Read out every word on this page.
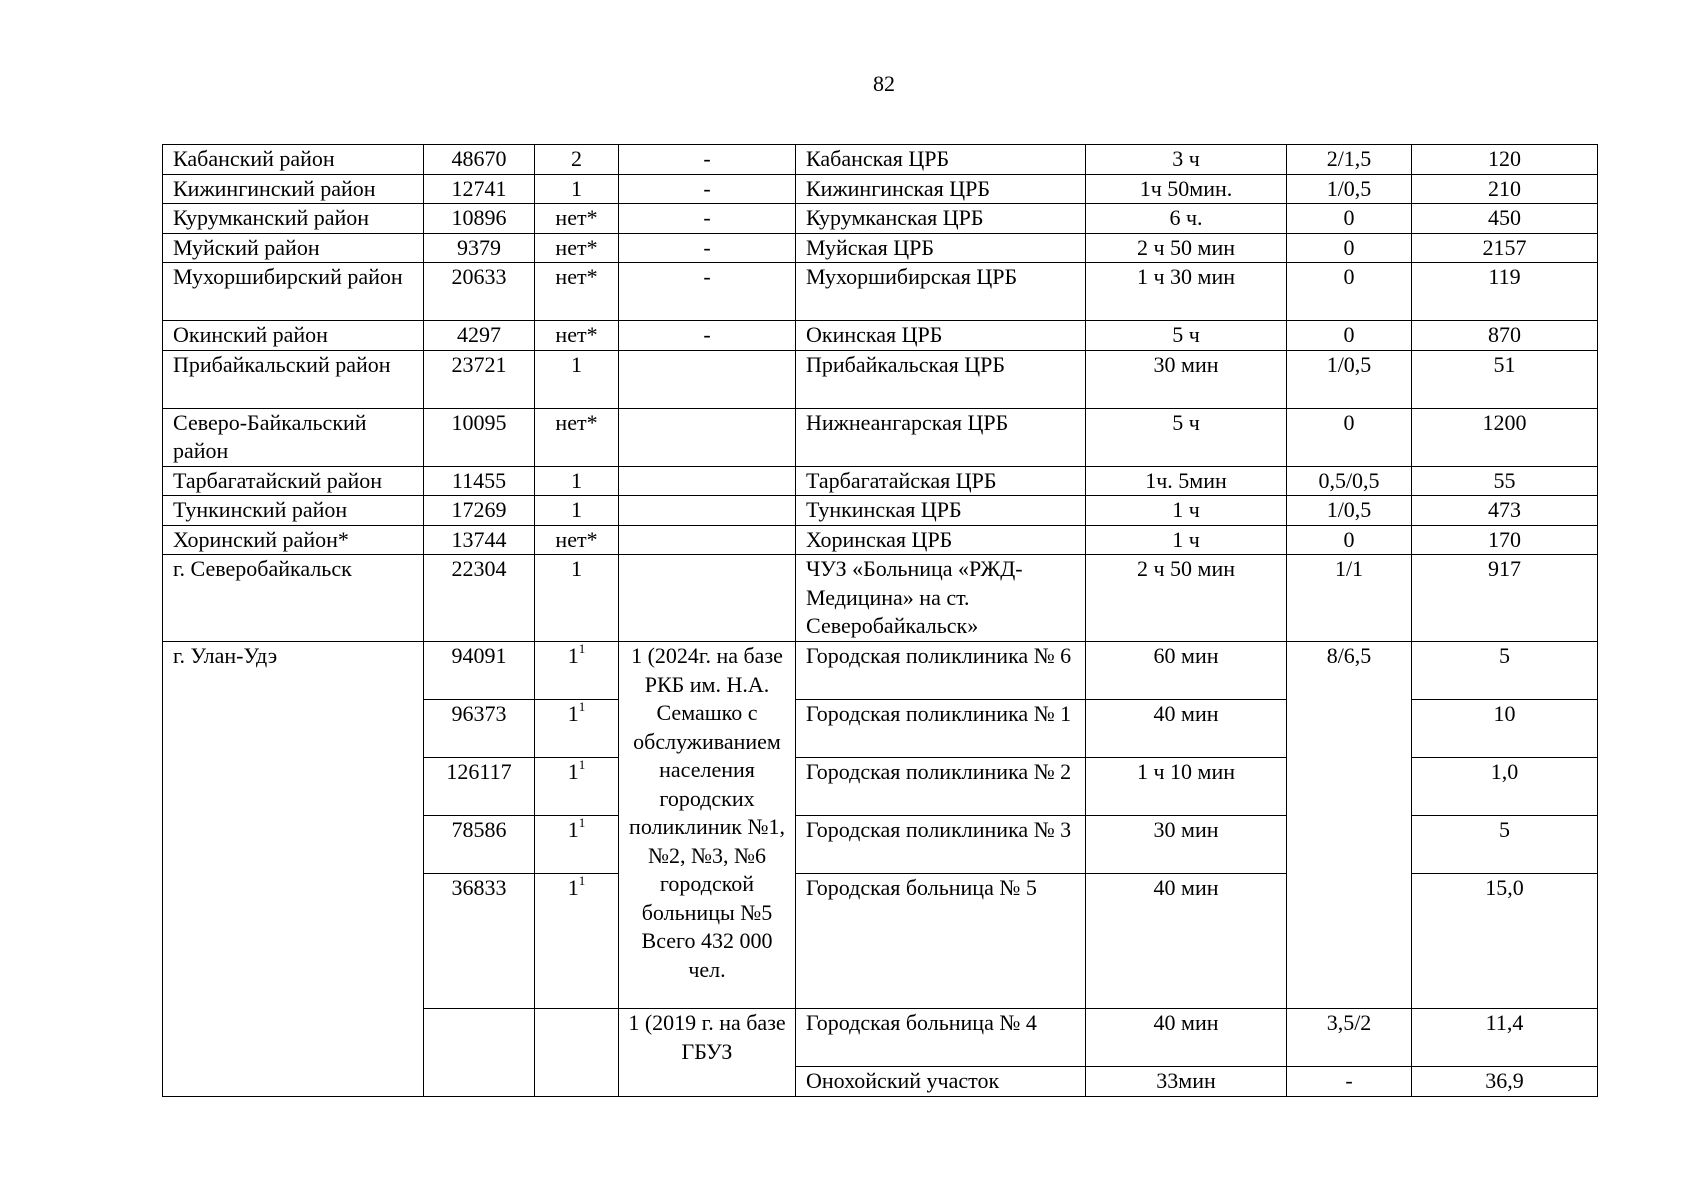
82
Кабанский район	48670	2	-	Кабанская ЦРБ	3 ч	2/1,5	120
Кижингинский район	12741	1	-	Кижингинская ЦРБ	1ч 50мин.	1/0,5	210
Курумканский район	10896	нет*	-	Курумканская ЦРБ	6 ч.	0	450
Муйский район	9379	нет*	-	Муйская ЦРБ	2 ч 50 мин	0	2157
Мухоршибирский район	20633	нет*	-	Мухоршибирская ЦРБ	1 ч 30 мин	0	119
Окинский район	4297	нет*	-	Окинская ЦРБ	5 ч	0	870
Прибайкальский район	23721	1		Прибайкальская ЦРБ	30 мин	1/0,5	51
Северо-Байкальский район	10095	нет*		Нижнеангарская ЦРБ	5 ч	0	1200
Тарбагатайский район	11455	1		Тарбагатайская ЦРБ	1ч. 5мин	0,5/0,5	55
Тункинский район	17269	1		Тункинская ЦРБ	1 ч	1/0,5	473
Хоринский район*	13744	нет*		Хоринская ЦРБ	1 ч	0	170
г. Северобайкальск	22304	1		ЧУЗ «Больница «РЖД-Медицина» на ст. Северобайкальск»	2 ч 50 мин	1/1	917
г. Улан-Удэ	94091	$1^1$	1 (2024г. на базе РКБ им. Н.А. Семашко с обслуживанием населения городских поликлиник №1, №2, №3, №6 городской больницы №5 Всего 432 000 чел.	Городская поликлиника № 6	60 мин	8/6,5	5
	96373	$1^1$		Городская поликлиника № 1	40 мин		10
	126117	$1^1$		Городская поликлиника № 2	1 ч 10 мин		1,0
	78586	$1^1$		Городская поликлиника № 3	30 мин		5
	36833	$1^1$		Городская больница № 5	40 мин		15,0
			1 (2019 г. на базе ГБУЗ	Городская больница № 4	40 мин	3,5/2	11,4
				Онохойский участок	33мин	-	36,9
